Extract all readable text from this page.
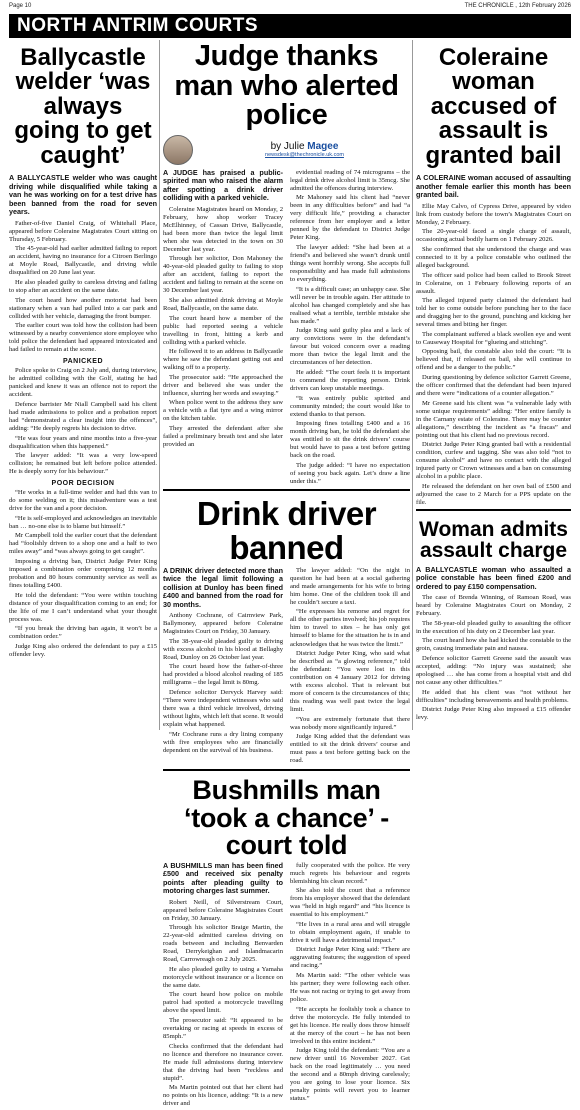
Page 10	THE CHRONICLE , 12th February 2026
NORTH ANTRIM COURTS
Ballycastle welder ‘was always going to get caught’
A BALLYCASTLE welder who was caught driving while disqualified while taking a van he was working on for a test drive has been banned from the road for seven years.

Father-of-five Daniel Craig, of Whitehall Place, appeared before Coleraine Magistrates Court sitting on Thursday, 5 February.

The 45-year-old had earlier admitted failing to report an accident, having no insurance for a Citroen Berlingo at Moyle Road, Ballycastle, and driving while disqualified on 20 June last year.

He also pleaded guilty to careless driving and failing to stop after an accident on the same date.

The court heard how another motorist had been stationary when a van had pulled into a car park and collided with her vehicle, damaging the front bumper.

The earlier court was told how the collision had been witnessed by a nearby convenience store employee who told police the defendant had appeared intoxicated and had failed to remain at the scene.

PANICKED

Police spoke to Craig on 2 July and, during interview, he admitted colliding with the Golf, stating he had panicked and knew it was an offence not to report the accident.

Defence barrister Mr Niall Campbell said his client had made admissions to police and a probation report had “demonstrated a clear insight into the offences”, adding: “He deeply regrets his decision to drive.

“He was four years and nine months into a five-year disqualification when this happened.”

The lawyer added: “It was a very low-speed collision; he remained but left before police attended. He is deeply sorry for his behaviour.”

POOR DECISION

“He works in a full-time welder and had this van to do some welding on it; this misadventure was a test drive for the van and a poor decision.

“He is self-employed and acknowledges an inevitable ban … no-one else is to blame but himself.”

Mr Campbell told the earlier court that the defendant had “foolishly driven to a shop one and a half to two miles away” and “was always going to get caught”.

Imposing a driving ban, District Judge Peter King imposed a combination order comprising 12 months probation and 80 hours community service as well as fines totalling £400.

He told the defendant: “You were within touching distance of your disqualification coming to an end; for the life of me I can’t understand what your thought process was.

“If you break the driving ban again, it won’t be a combination order.”

Judge King also ordered the defendant to pay a £15 offender levy.

Judge thanks man who alerted police
by Julie Magee
newsdesk@thechronicle.uk.com
A JUDGE has praised a public-spirited man who raised the alarm after spotting a drink driver colliding with a parked vehicle.

Coleraine Magistrates heard on Monday, 2 February, how shop worker Tracey McElhinney, of Cassan Drive, Ballycastle, had been more than twice the legal limit when she was detected in the town on 30 December last year.

Through her solicitor, Don Mahoney the 40-year-old pleaded guilty to failing to stop after an accident, failing to report the accident and failing to remain at the scene on 30 December last year.

She also admitted drink driving at Moyle Road, Ballycastle, on the same date.

The court heard how a member of the public had reported seeing a vehicle travelling in front, hitting a kerb and colliding with a parked vehicle.

He followed it to an address in Ballycastle where he saw the defendant getting out and walking off to a property.

The prosecutor said: “He approached the driver and believed she was under the influence, slurring her words and swaying.”

When police went to the address they saw a vehicle with a flat tyre and a wing mirror on the kitchen table.

They arrested the defendant after she failed a preliminary breath test and she later provided an

evidential reading of 74 micrograms – the legal drink drive alcohol limit is 35mcg. She admitted the offences during interview.

Mr Mahoney said his client had “never been in any difficulties before” and had “a very difficult life,” providing a character reference from her employer and a letter penned by the defendant to District Judge Peter King.

The lawyer added: “She had been at a friend’s and believed she wasn’t drunk until things went horribly wrong. She accepts full responsibility and has made full admissions to everything.

“It is a difficult case; an unhappy case. She will never be in trouble again. Her attitude to alcohol has changed completely and she has realised what a terrible, terrible mistake she has made.”

Judge King said guilty plea and a lack of any convictions were in the defendant’s favour but voiced concern over a reading more than twice the legal limit and the circumstances of her detection.

He added: “The court feels it is important to commend the reporting person. Drink drivers can keep unstable meetings.

“It was entirely public spirited and community minded; the court would like to extend thanks to that person.

Imposing fines totalling £400 and a 16 month driving ban, he told the defendant she was entitled to sit the drink drivers’ course but would have to pass a test before getting back on the road.

The judge added: “I have no expectation of seeing you back again. Let’s draw a line under this.”

Drink driver banned
A DRINK driver detected more than twice the legal limit following a collision at Dunloy has been fined £400 and banned from the road for 30 months.

Anthony Cochrane, of Cairnview Park, Ballymoney, appeared before Coleraine Magistrates Court on Friday, 30 January.

The 38-year-old pleaded guilty to driving with excess alcohol in his blood at Bellaghy Road, Dunloy on 26 October last year.

The court heard how the father-of-three had provided a blood alcohol reading of 185 milligrams – the legal limit is 80mg.

Defence solicitor Dervyck Harvey said: “There were independent witnesses who said there was a third vehicle involved, driving without lights, which left that scene. It would explain what happened.

“Mr Cochrane runs a dry lining company with five employees who are financially dependent on the survival of his business.

The lawyer added: “On the night in question he had been at a social gathering and made arrangements for his wife to bring him home. One of the children took ill and he couldn’t secure a taxi.

“He expresses his remorse and regret for all the other parties involved; his job requires him to travel to sites – he has only got himself to blame for the situation he is in and acknowledges that he was twice the limit.”

District Judge Peter King, who said what he described as “a glowing reference,” told the defendant: “You were lost in this contribution on 4 January 2012 for driving with excess alcohol. That is relevant but more of concern is the circumstances of this; this reading was well past twice the legal limit.

“You are extremely fortunate that there was nobody more significantly injured.”

Judge King added that the defendant was entitled to sit the drink drivers’ course and must pass a test before getting back on the road.

Bushmills man ‘took a chance’ - court told
A BUSHMILLS man has been fined £500 and received six penalty points after pleading guilty to motoring charges last summer.

Robert Neill, of Silverstream Court, appeared before Coleraine Magistrates Court on Friday, 30 January.

Through his solicitor Braige Martin, the 22-year-old admitted careless driving on roads between and including Benvarden Road, Derrykeighan and Islandmacarin Road, Carrowreagh on 2 July 2025.

He also pleaded guilty to using a Yamaha motorcycle without insurance or a licence on the same date.

The court heard how police on mobile patrol had spotted a motorcycle travelling above the speed limit.

The prosecutor said: “It appeared to be overtaking or racing at speeds in excess of 85mph.”

Checks confirmed that the defendant had no licence and therefore no insurance cover. He made full admissions during interview that the driving had been “reckless and stupid”.

Ms Martin pointed out that her client had no points on his licence, adding: “It is a new driver and

fully cooperated with the police. He very much regrets his behaviour and regrets blemishing his clean record.”

She also told the court that a reference from his employer showed that the defendant was “held in high regard” and “his licence is essential to his employment.”

“He lives in a rural area and will struggle to obtain employment again, if unable to drive it will have a detrimental impact.”

District Judge Peter King said: “There are aggravating features; the suggestion of speed and racing.”

Ms Martin said: “The other vehicle was his partner; they were following each other. He was not racing or trying to get away from police.

“He accepts he foolishly took a chance to drive the motorcycle. He fully intended to get his licence. He really does throw himself at the mercy of the court – he has not been involved in this entire incident.”

Judge King told the defendant: “You are a new driver until 16 November 2027. Get back on the road legitimately … you need the second and a 80mph driving carelessly; you are going to lose your licence. Six penalty points will revert you to learner status.”

Coleraine woman accused of assault is granted bail
A COLERAINE woman accused of assaulting another female earlier this month has been granted bail.

Ellie May Calvo, of Cypress Drive, appeared by video link from custody before the town’s Magistrates Court on Monday, 2 February.

The 20-year-old faced a single charge of assault, occasioning actual bodily harm on 1 February 2026.

She confirmed that she understood the charge and was connected to it by a police constable who outlined the alleged background.

The officer said police had been called to Brook Street in Coleraine, on 1 February following reports of an assault.

The alleged injured party claimed the defendant had told her to come outside before punching her to the face and dragging her to the ground, punching and kicking her several times and biting her finger.

The complainant suffered a black swollen eye and went to Causeway Hospital for “glueing and stitching”.

Opposing bail, the constable also told the court: “It is believed that, if released on bail, she will continue to offend and be a danger to the public.”

During questioning by defence solicitor Garrett Greene, the officer confirmed that the defendant had been injured and there were “indications of a counter allegation.”

Mr Greene said his client was “a vulnerable lady with some unique requirements” adding: “Her entire family is in the Carnany estate of Coleraine. There may be counter allegations,” describing the incident as “a fracas” and pointing out that his client had no previous record.

District Judge Peter King granted bail with a residential condition, curfew and tagging. She was also told “not to consume alcohol” and have no contact with the alleged injured party or Crown witnesses and a ban on consuming alcohol in a public place.

He released the defendant on her own bail of £500 and adjourned the case to 2 March for a PPS update on the file.

Woman admits assault charge
A BALLYCASTLE woman who assaulted a police constable has been fined £200 and ordered to pay £150 compensation.

The case of Brenda Winning, of Ramoan Road, was heard by Coleraine Magistrates Court on Monday, 2 February.

The 58-year-old pleaded guilty to assaulting the officer in the execution of his duty on 2 December last year.

The court heard how she had kicked the constable to the groin, causing immediate pain and nausea.

Defence solicitor Garrett Greene said the assault was accepted, adding: “No injury was sustained; she apologised … she has come from a hospital visit and did not cause any other difficulties.”

He added that his client was “not without her difficulties” including bereavements and health problems.

District Judge Peter King also imposed a £15 offender levy.
